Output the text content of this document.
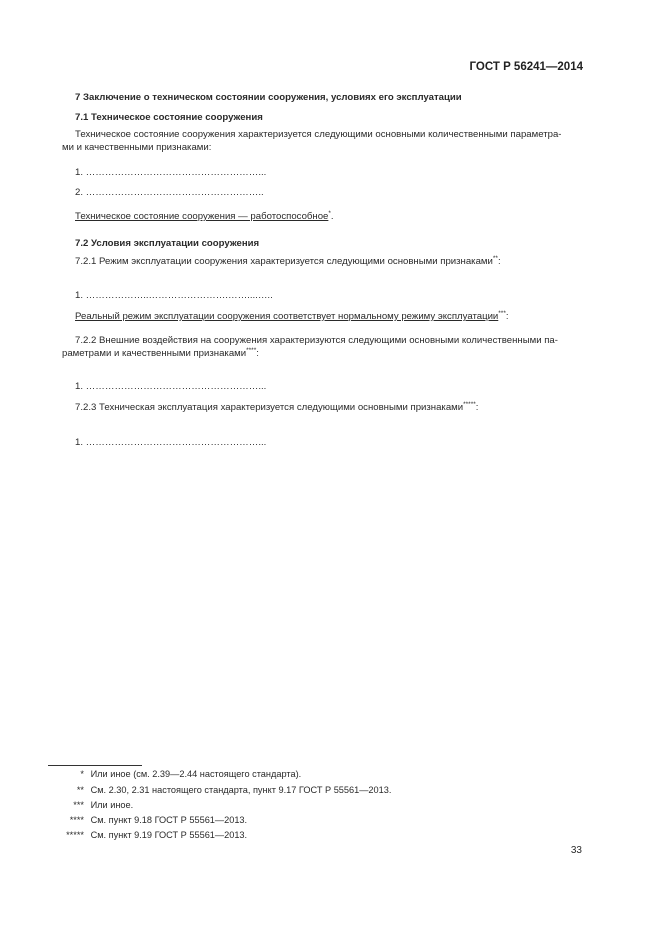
ГОСТ Р 56241—2014
7 Заключение о техническом состоянии сооружения, условиях его эксплуатации
7.1 Техническое состояние сооружения
Техническое состояние сооружения характеризуется следующими основными количественными параметра-
ми и качественными признаками:
1. ………………………………………………...
2. ………………………………………………..
Техническое состояние сооружения — работоспособное*.
7.2 Условия эксплуатации сооружения
7.2.1 Режим эксплуатации сооружения характеризуется следующими основными признаками**:
1. ………………..…………………….……....…..
Реальный режим эксплуатации сооружения соответствует нормальному режиму эксплуатации***:
7.2.2 Внешние воздействия на сооружения характеризуются следующими основными количественными па-
раметрами и качественными признаками****:
1. ………………………………………………...
7.2.3 Техническая эксплуатация характеризуется следующими основными признаками*****:
1. ………………………………………………...
* Или иное (см. 2.39—2.44 настоящего стандарта).
** См. 2.30, 2.31 настоящего стандарта, пункт 9.17 ГОСТ Р 55561—2013.
*** Или иное.
**** См. пункт 9.18 ГОСТ Р 55561—2013.
***** См. пункт 9.19 ГОСТ Р 55561—2013.
33
